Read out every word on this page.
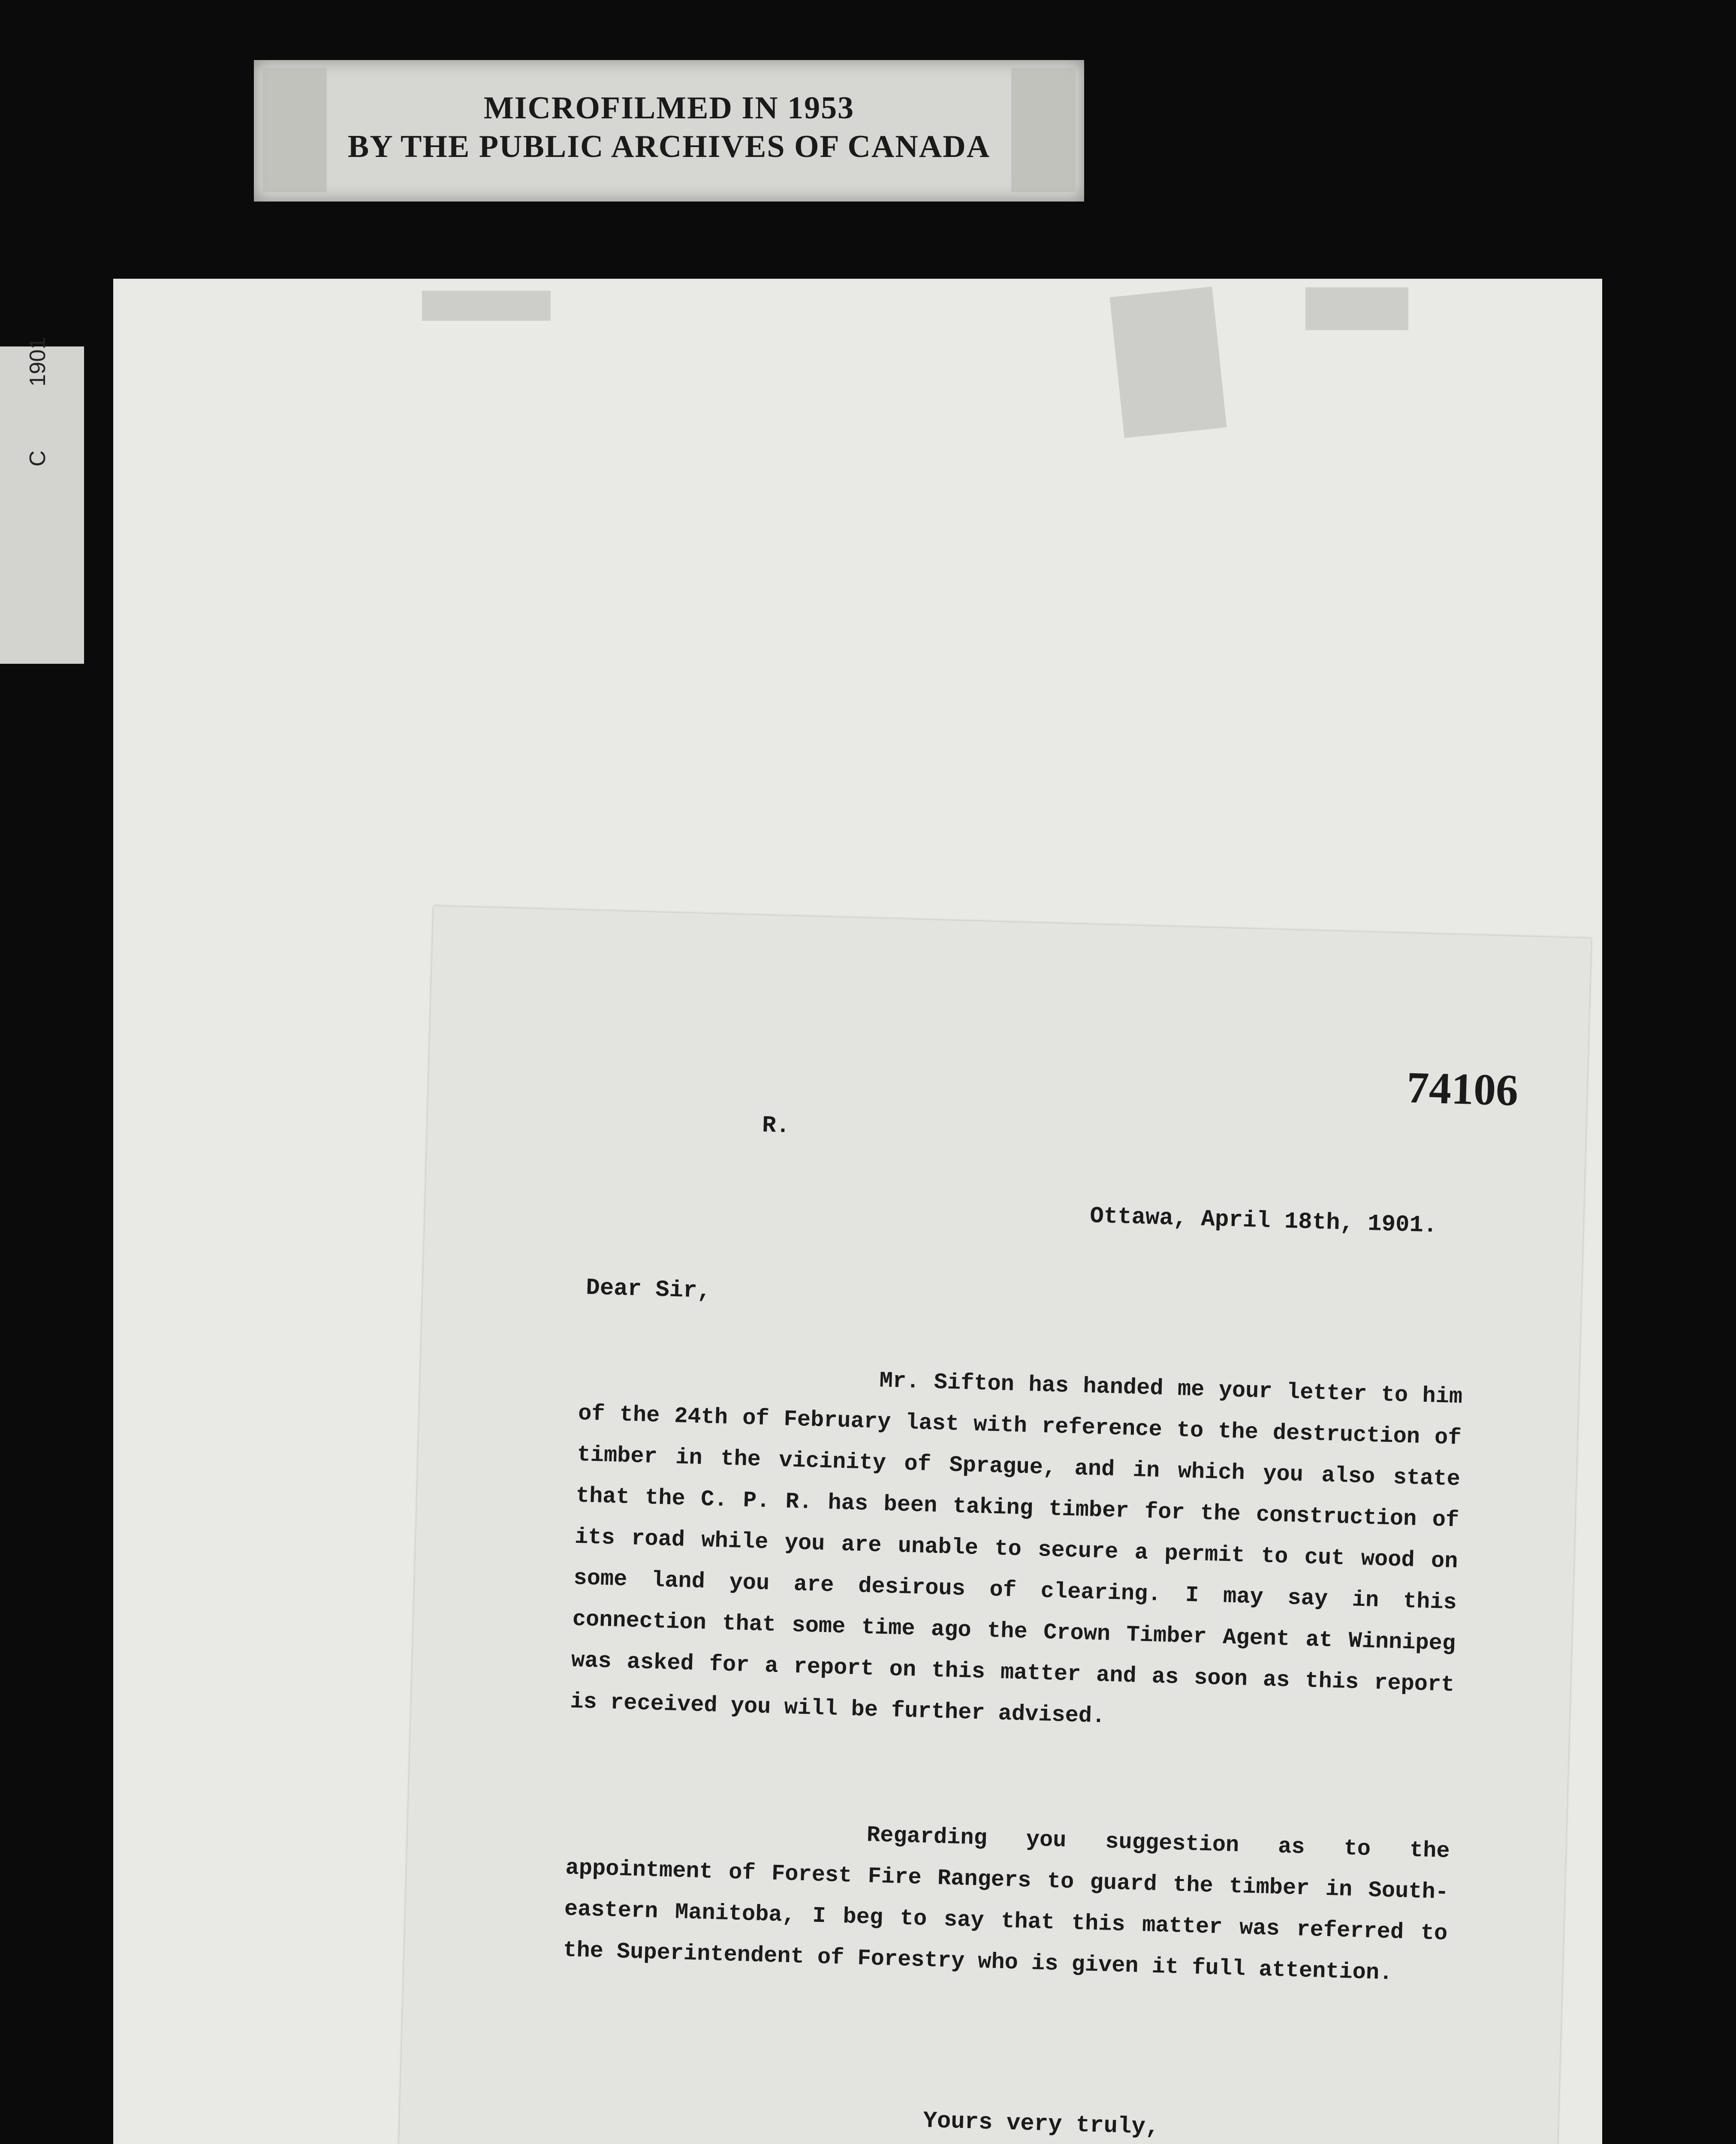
MICROFILMED IN 1953
BY THE PUBLIC ARCHIVES OF CANADA
C  1901
74106
R.
Ottawa, April 18th, 1901.
Dear Sir,
Mr. Sifton has handed me your letter to him of the 24th of February last with reference to the destruction of timber in the vicinity of Sprague, and in which you also state that the C. P. R. has been taking timber for the construction of its road while you are unable to secure a permit to cut wood on some land you are desirous of clearing. I may say in this connection that some time ago the Crown Timber Agent at Winnipeg was asked for a report on this matter and as soon as this report is received you will be further advised.
Regarding you suggestion as to the appointment of Forest Fire Rangers to guard the timber in South-eastern Manitoba, I beg to say that this matter was referred to the Superintendent of Forestry who is given it full attention.
Yours very truly,
